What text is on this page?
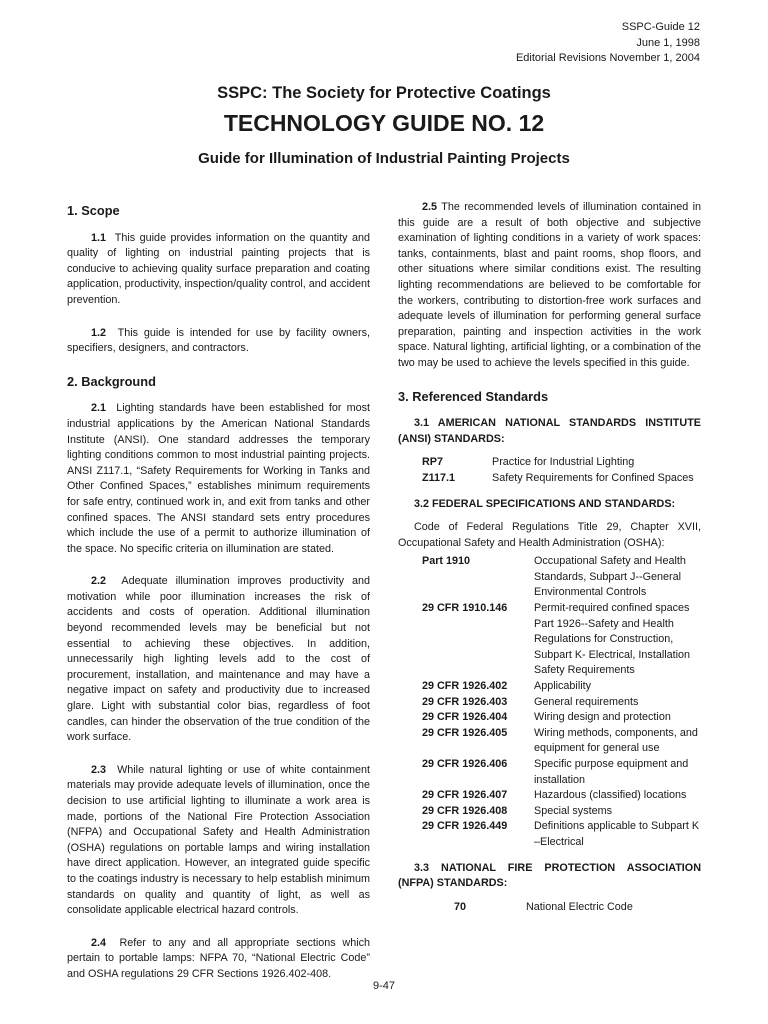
SSPC-Guide 12
June 1, 1998
Editorial Revisions November 1, 2004
SSPC: The Society for Protective Coatings
TECHNOLOGY GUIDE NO. 12
Guide for Illumination of Industrial Painting Projects
1. Scope

1.1 This guide provides information on the quantity and quality of lighting on industrial painting projects that is conducive to achieving quality surface preparation and coating application, productivity, inspection/quality control, and accident prevention.

1.2 This guide is intended for use by facility owners, specifiers, designers, and contractors.

2. Background

2.1 Lighting standards have been established for most industrial applications by the American National Standards Institute (ANSI). One standard addresses the temporary lighting conditions common to most industrial painting projects. ANSI Z117.1, “Safety Requirements for Working in Tanks and Other Confined Spaces,” establishes minimum requirements for safe entry, continued work in, and exit from tanks and other confined spaces. The ANSI standard sets entry procedures which include the use of a permit to authorize illumination of the space. No specific criteria on illumination are stated.

2.2 Adequate illumination improves productivity and motivation while poor illumination increases the risk of accidents and costs of operation. Additional illumination beyond recommended levels may be beneficial but not essential to achieving these objectives. In addition, unnecessarily high lighting levels add to the cost of procurement, installation, and maintenance and may have a negative impact on safety and productivity due to increased glare. Light with substantial color bias, regardless of foot candles, can hinder the observation of the true condition of the work surface.

2.3 While natural lighting or use of white containment materials may provide adequate levels of illumination, once the decision to use artificial lighting to illuminate a work area is made, portions of the National Fire Protection Association (NFPA) and Occupational Safety and Health Administration (OSHA) regulations on portable lamps and wiring installation have direct application. However, an integrated guide specific to the coatings industry is necessary to help establish minimum standards on quality and quantity of light, as well as consolidate applicable electrical hazard controls.

2.4 Refer to any and all appropriate sections which pertain to portable lamps: NFPA 70, “National Electric Code” and OSHA regulations 29 CFR Sections 1926.402-408.

2.5 The recommended levels of illumination contained in this guide are a result of both objective and subjective examination of lighting conditions in a variety of work spaces: tanks, containments, blast and paint rooms, shop floors, and other situations where similar conditions exist. The resulting lighting recommendations are believed to be comfortable for the workers, contributing to distortion-free work surfaces and adequate levels of illumination for performing general surface preparation, painting and inspection activities in the work space. Natural lighting, artificial lighting, or a combination of the two may be used to achieve the levels specified in this guide.

3. Referenced Standards
3.1 AMERICAN NATIONAL STANDARDS INSTITUTE (ANSI) STANDARDS:
RP7	Practice for Industrial Lighting
Z117.1	Safety Requirements for Confined Spaces
3.2 FEDERAL SPECIFICATIONS AND STANDARDS:
Code of Federal Regulations Title 29, Chapter XVII, Occupational Safety and Health Administration (OSHA):
Part 1910	Occupational Safety and Health Standards, Subpart J--General Environmental Controls
29 CFR 1910.146	Permit-required confined spaces Part 1926--Safety and Health Regulations for Construction, Subpart K- Electrical, Installation Safety Requirements
29 CFR 1926.402	Applicability
29 CFR 1926.403	General requirements
29 CFR 1926.404	Wiring design and protection
29 CFR 1926.405	Wiring methods, components, and equipment for general use
29 CFR 1926.406	Specific purpose equipment and installation
29 CFR 1926.407	Hazardous (classified) locations
29 CFR 1926.408	Special systems
29 CFR 1926.449	Definitions applicable to Subpart K –Electrical
3.3 NATIONAL FIRE PROTECTION ASSOCIATION (NFPA) STANDARDS:
70	National Electric Code
9-47
